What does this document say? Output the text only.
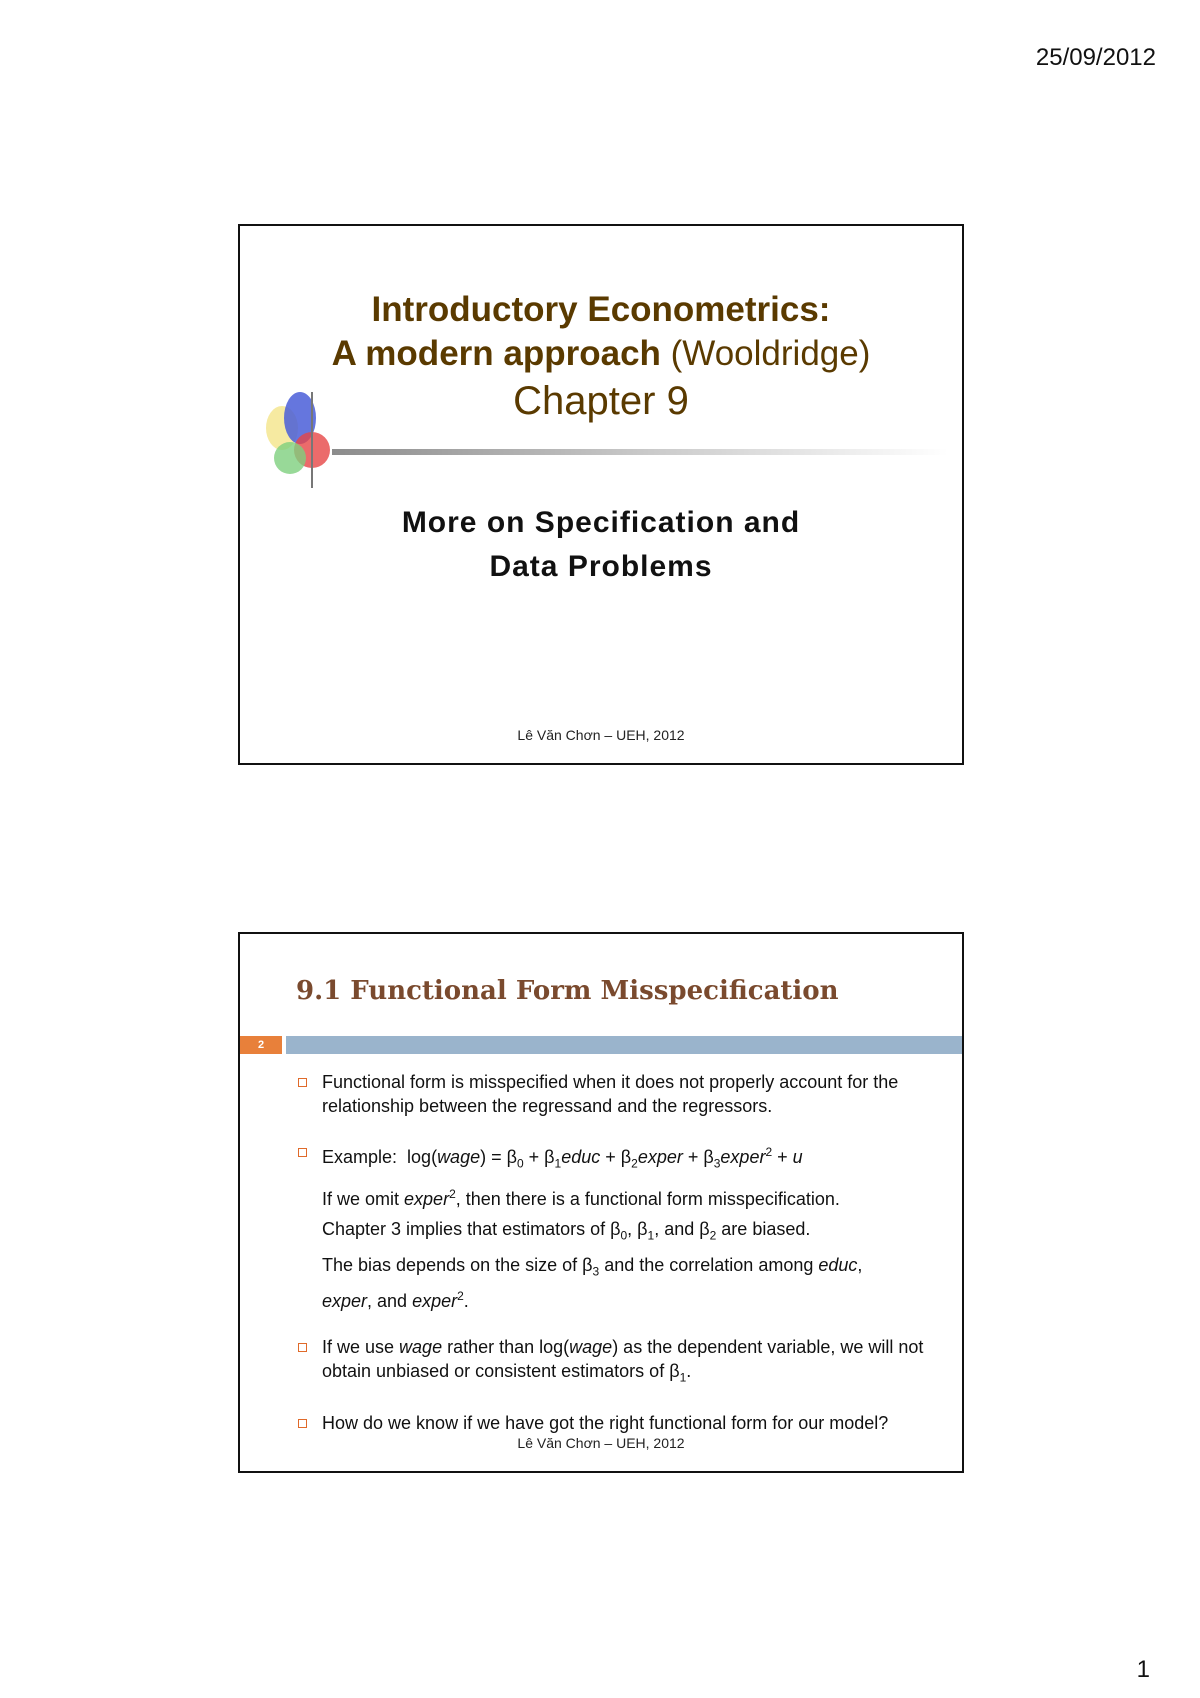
25/09/2012
Introductory Econometrics:
A modern approach (Wooldridge)
Chapter 9
More on Specification and
Data Problems
Lê Văn Chơn – UEH, 2012
9.1 Functional Form Misspecification
2
Functional form is misspecified when it does not properly account for the relationship between the regressand and the regressors.
Example: log(wage) = $\beta_0$ + $\beta_1educ$ + $\beta_2exper$ + $\beta_3exper^2 + u$
If we omit exper$^2$, then there is a functional form misspecification.
Chapter 3 implies that estimators of $\beta_0$, $\beta_1$, and $\beta_2$ are biased.
The bias depends on the size of $\beta_3$ and the correlation among educ,
exper, and exper$^2$.
If we use wage rather than log(wage) as the dependent variable, we will not obtain unbiased or consistent estimators of $\beta_1$.
How do we know if we have got the right functional form for our model?
Lê Văn Chơn – UEH, 2012
1
